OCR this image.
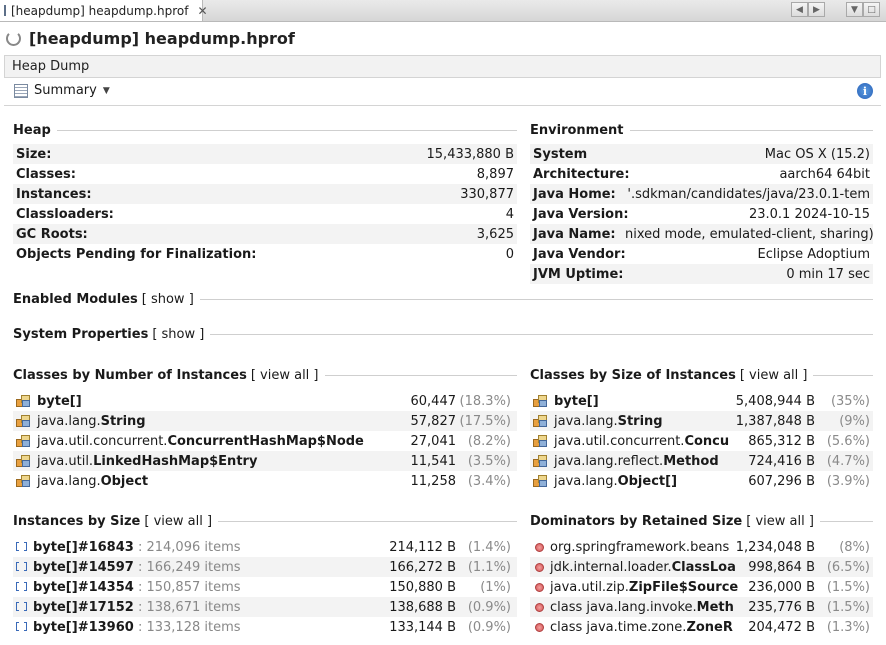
[heapdump] heapdump.hprof ✕	◀	▶	▼	□
[heapdump] heapdump.hprof
Heap Dump
Summary ▼	i
Heap
Size:	15,433,880 B
Classes:	8,897
Instances:	330,877
Classloaders:	4
GC Roots:	3,625
Objects Pending for Finalization:	0
Environment
System	Mac OS X (15.2)
Architecture:	aarch64 64bit
Java Home: '.sdkman/candidates/java/23.0.1-tem
Java Version:	23.0.1 2024-10-15
Java Name: nixed mode, emulated-client, sharing)
Java Vendor:	Eclipse Adoptium
JVM Uptime:	0 min 17 sec
Enabled Modules [ show ]
System Properties [ show ]
Classes by Number of Instances [ view all ]
byte[]	60,447 (18.3%)
java.lang.String	57,827 (17.5%)
java.util.concurrent.ConcurrentHashMap$Node	27,041 (8.2%)
java.util.LinkedHashMap$Entry	11,541 (3.5%)
java.lang.Object	11,258 (3.4%)
Classes by Size of Instances [ view all ]
byte[]	5,408,944 B (35%)
java.lang.String	1,387,848 B (9%)
java.util.concurrent.Concu 865,312 B (5.6%)
java.lang.reflect.Method 724,416 B (4.7%)
java.lang.Object[]	607,296 B (3.9%)
Instances by Size [ view all ]
byte[]#16843 : 214,096 items	214,112 B (1.4%)
byte[]#14597 : 166,249 items	166,272 B (1.1%)
byte[]#14354 : 150,857 items	150,880 B (1%)
byte[]#17152 : 138,671 items	138,688 B (0.9%)
byte[]#13960 : 133,128 items	133,144 B (0.9%)
Dominators by Retained Size [ view all ]
org.springframework.beans 1,234,048 B (8%)
jdk.internal.loader.ClassLoa 998,864 B (6.5%)
java.util.zip.ZipFile$Source 236,000 B (1.5%)
class java.lang.invoke.Meth 235,776 B (1.5%)
class java.time.zone.ZoneR 204,472 B (1.3%)
